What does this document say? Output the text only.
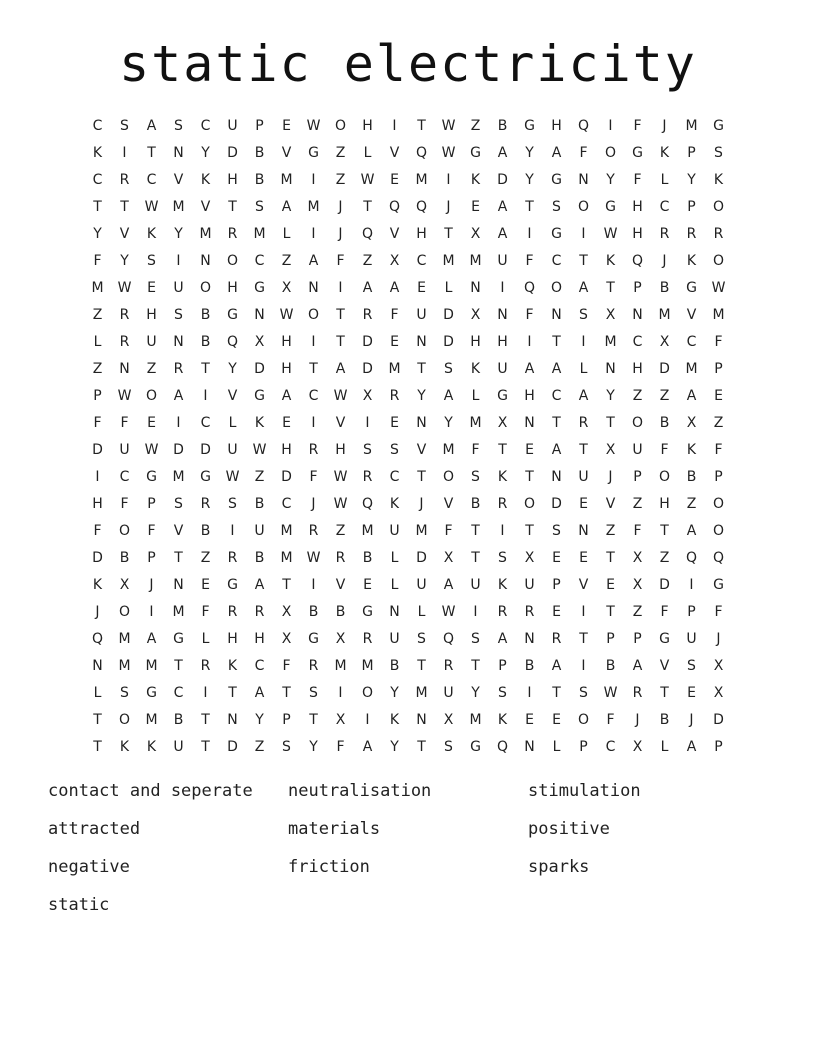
static electricity
C	S	A	S	C	U	P	E	W	O	H	I	T	W	Z	B	G	H	Q	I	F	J	M	G
K	I	T	N	Y	D	B	V	G	Z	L	V	Q	W	G	A	Y	A	F	O	G	K	P	S
C	R	C	V	K	H	B	M	I	Z	W	E	M	I	K	D	Y	G	N	Y	F	L	Y	K
T	T	W	M	V	T	S	A	M	J	T	Q	Q	J	E	A	T	S	O	G	H	C	P	O
Y	V	K	Y	M	R	M	L	I	J	Q	V	H	T	X	A	I	G	I	W	H	R	R	R
F	Y	S	I	N	O	C	Z	A	F	Z	X	C	M	M	U	F	C	T	K	Q	J	K	O
M	W	E	U	O	H	G	X	N	I	A	A	E	L	N	I	Q	O	A	T	P	B	G	W
Z	R	H	S	B	G	N	W	O	T	R	F	U	D	X	N	F	N	S	X	N	M	V	M
L	R	U	N	B	Q	X	H	I	T	D	E	N	D	H	H	I	T	I	M	C	X	C	F
Z	N	Z	R	T	Y	D	H	T	A	D	M	T	S	K	U	A	A	L	N	H	D	M	P
P	W	O	A	I	V	G	A	C	W	X	R	Y	A	L	G	H	C	A	Y	Z	Z	A	E
F	F	E	I	C	L	K	E	I	V	I	E	N	Y	M	X	N	T	R	T	O	B	X	Z
D	U	W	D	D	U	W	H	R	H	S	S	V	M	F	T	E	A	T	X	U	F	K	F
I	C	G	M	G	W	Z	D	F	W	R	C	T	O	S	K	T	N	U	J	P	O	B	P
H	F	P	S	R	S	B	C	J	W	Q	K	J	V	B	R	O	D	E	V	Z	H	Z	O
F	O	F	V	B	I	U	M	R	Z	M	U	M	F	T	I	T	S	N	Z	F	T	A	O
D	B	P	T	Z	R	B	M	W	R	B	L	D	X	T	S	X	E	E	T	X	Z	Q	Q
K	X	J	N	E	G	A	T	I	V	E	L	U	A	U	K	U	P	V	E	X	D	I	G
J	O	I	M	F	R	R	X	B	B	G	N	L	W	I	R	R	E	I	T	Z	F	P	F
Q	M	A	G	L	H	H	X	G	X	R	U	S	Q	S	A	N	R	T	P	P	G	U	J
N	M	M	T	R	K	C	F	R	M	M	B	T	R	T	P	B	A	I	B	A	V	S	X
L	S	G	C	I	T	A	T	S	I	O	Y	M	U	Y	S	I	T	S	W	R	T	E	X
T	O	M	B	T	N	Y	P	T	X	I	K	N	X	M	K	E	E	O	F	J	B	J	D
T	K	K	U	T	D	Z	S	Y	F	A	Y	T	S	G	Q	N	L	P	C	X	L	A	P
contact and seperate	neutralisation	stimulation
attracted	materials	positive
negative	friction	sparks
static
